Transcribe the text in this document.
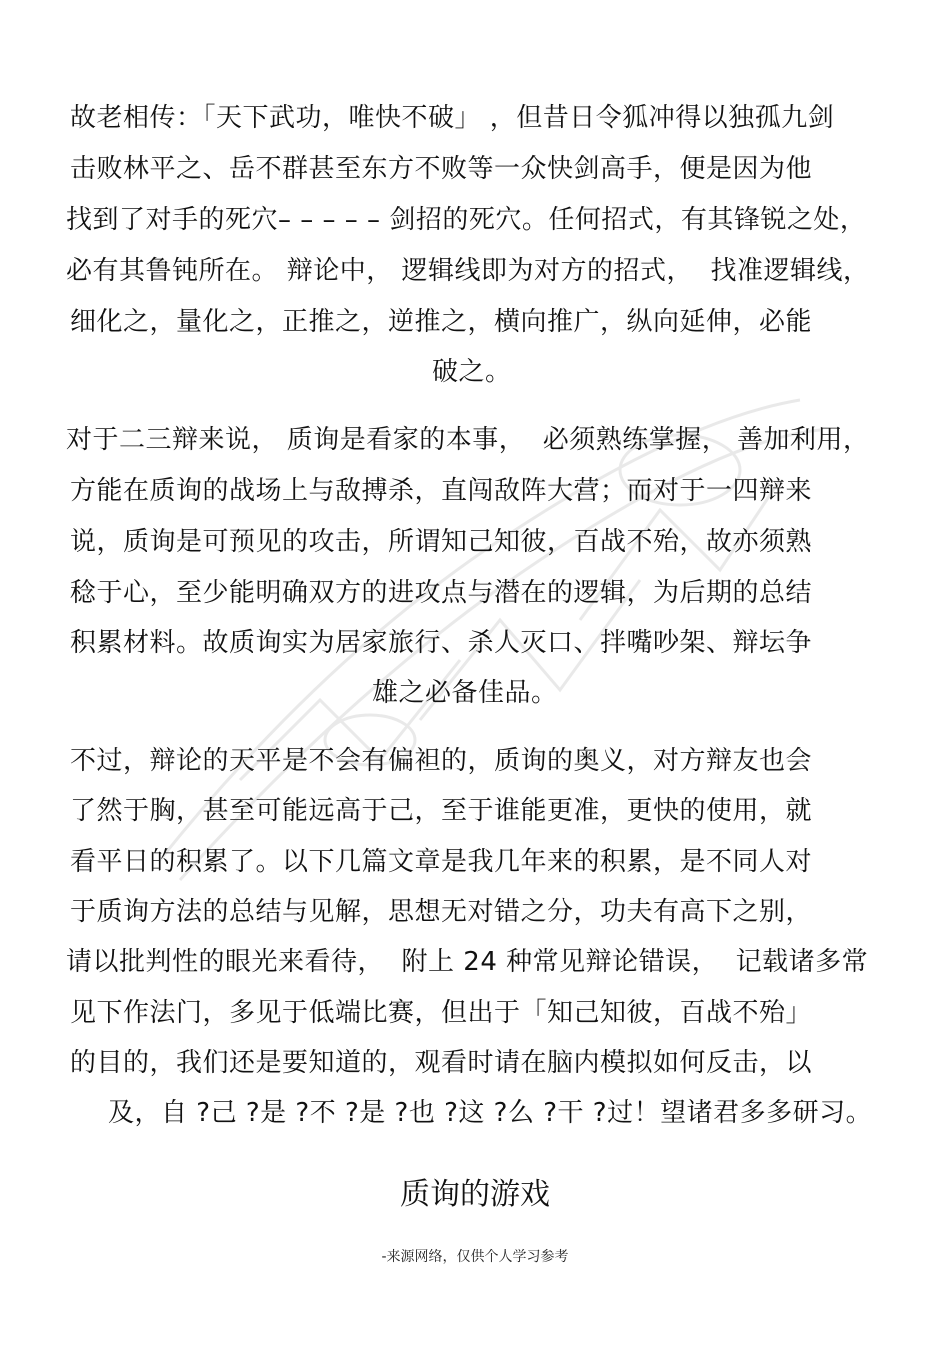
故老相传：「天下武功，唯快不破」 ，但昔日令狐冲得以独孤九剑
击败林平之、岳不群甚至东方不败等一众快剑高手，便是因为他
找到了对手的死穴– – – – – 剑招的死穴。任何招式，有其锋锐之处，
必有其鲁钝所在。 辩论中， 逻辑线即为对方的招式，  找准逻辑线，
细化之，量化之，正推之，逆推之，横向推广，纵向延伸，必能
破之。
对于二三辩来说， 质询是看家的本事，  必须熟练掌握， 善加利用，
方能在质询的战场上与敌搏杀，直闯敌阵大营；而对于一四辩来
说，质询是可预见的攻击，所谓知己知彼，百战不殆，故亦须熟
稔于心，至少能明确双方的进攻点与潜在的逻辑，为后期的总结
积累材料。故质询实为居家旅行、杀人灭口、拌嘴吵架、辩坛争
雄之必备佳品。
不过，辩论的天平是不会有偏袒的，质询的奥义，对方辩友也会
了然于胸，甚至可能远高于己，至于谁能更准，更快的使用，就
看平日的积累了。以下几篇文章是我几年来的积累，是不同人对
于质询方法的总结与见解，思想无对错之分，功夫有高下之别，
请以批判性的眼光来看待，  附上 24 种常见辩论错误，  记载诸多常
见下作法门，多见于低端比赛，但出于「知己知彼，百战不殆」
的目的，我们还是要知道的，观看时请在脑内模拟如何反击，以
及，自 ?己 ?是 ?不 ?是 ?也 ?这 ?么 ?干 ?过！望诸君多多研习。
质询的游戏
-来源网络，仅供个人学习参考
